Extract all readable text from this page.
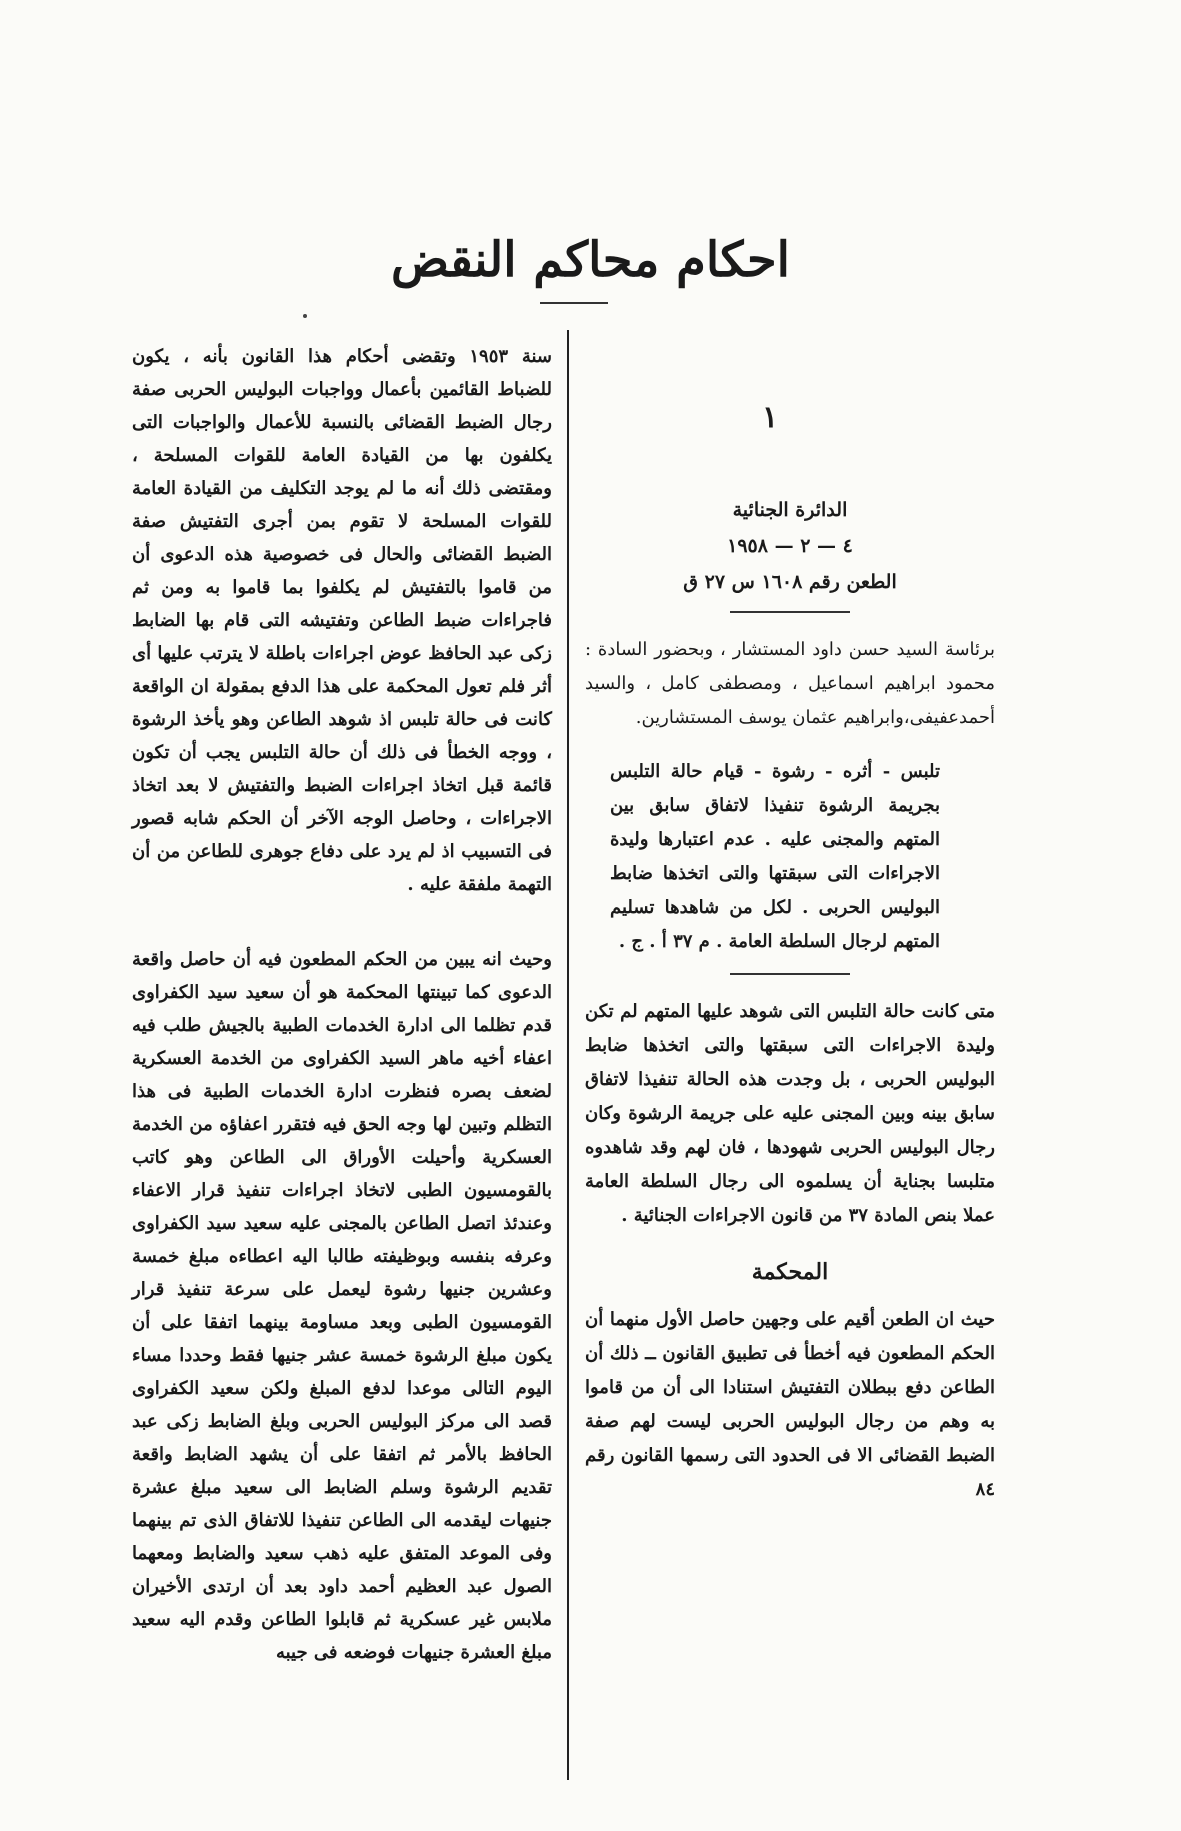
احكام محاكم النقض
١
الدائرة الجنائية
٤ — ٢ — ١٩٥٨
الطعن رقم ١٦٠٨ س ٢٧ ق
برئاسة السيد حسن داود المستشار ، وبحضور السادة : محمود ابراهيم اسماعيل ، ومصطفى كامل ، والسيد أحمدعفيفى،وابراهيم عثمان يوسف المستشارين.
تلبس - أثره - رشوة - قيام حالة التلبس بجريمة الرشوة تنفيذا لاتفاق سابق بين المتهم والمجنى عليه . عدم اعتبارها وليدة الاجراءات التى سبقتها والتى اتخذها ضابط البوليس الحربى . لكل من شاهدها تسليم المتهم لرجال السلطة العامة . م ٣٧ أ . ج .
متى كانت حالة التلبس التى شوهد عليها المتهم لم تكن وليدة الاجراءات التى سبقتها والتى اتخذها ضابط البوليس الحربى ، بل وجدت هذه الحالة تنفيذا لاتفاق سابق بينه وبين المجنى عليه على جريمة الرشوة وكان رجال البوليس الحربى شهودها ، فان لهم وقد شاهدوه متلبسا بجناية أن يسلموه الى رجال السلطة العامة عملا بنص المادة ٣٧ من قانون الاجراءات الجنائية .
المحكمة
حيث ان الطعن أقيم على وجهين حاصل الأول منهما أن الحكم المطعون فيه أخطأ فى تطبيق القانون ــ ذلك أن الطاعن دفع ببطلان التفتيش استنادا الى أن من قاموا به وهم من رجال البوليس الحربى ليست لهم صفة الضبط القضائى الا فى الحدود التى رسمها القانون رقم ٨٤
سنة ١٩٥٣ وتقضى أحكام هذا القانون بأنه ، يكون للضباط القائمين بأعمال وواجبات البوليس الحربى صفة رجال الضبط القضائى بالنسبة للأعمال والواجبات التى يكلفون بها من القيادة العامة للقوات المسلحة ، ومقتضى ذلك أنه ما لم يوجد التكليف من القيادة العامة للقوات المسلحة لا تقوم بمن أجرى التفتيش صفة الضبط القضائى والحال فى خصوصية هذه الدعوى أن من قاموا بالتفتيش لم يكلفوا بما قاموا به ومن ثم فاجراءات ضبط الطاعن وتفتيشه التى قام بها الضابط زكى عبد الحافظ عوض اجراءات باطلة لا يترتب عليها أى أثر فلم تعول المحكمة على هذا الدفع بمقولة ان الواقعة كانت فى حالة تلبس اذ شوهد الطاعن وهو يأخذ الرشوة ، ووجه الخطأ فى ذلك أن حالة التلبس يجب أن تكون قائمة قبل اتخاذ اجراءات الضبط والتفتيش لا بعد اتخاذ الاجراءات ، وحاصل الوجه الآخر أن الحكم شابه قصور فى التسبيب اذ لم يرد على دفاع جوهرى للطاعن من أن التهمة ملفقة عليه .
وحيث انه يبين من الحكم المطعون فيه أن حاصل واقعة الدعوى كما تبينتها المحكمة هو أن سعيد سيد الكفراوى قدم تظلما الى ادارة الخدمات الطبية بالجيش طلب فيه اعفاء أخيه ماهر السيد الكفراوى من الخدمة العسكرية لضعف بصره فنظرت ادارة الخدمات الطبية فى هذا التظلم وتبين لها وجه الحق فيه فتقرر اعفاؤه من الخدمة العسكرية وأحيلت الأوراق الى الطاعن وهو كاتب بالقومسيون الطبى لاتخاذ اجراءات تنفيذ قرار الاعفاء وعندئذ اتصل الطاعن بالمجنى عليه سعيد سيد الكفراوى وعرفه بنفسه وبوظيفته طالبا اليه اعطاءه مبلغ خمسة وعشرين جنيها رشوة ليعمل على سرعة تنفيذ قرار القومسيون الطبى وبعد مساومة بينهما اتفقا على أن يكون مبلغ الرشوة خمسة عشر جنيها فقط وحددا مساء اليوم التالى موعدا لدفع المبلغ ولكن سعيد الكفراوى قصد الى مركز البوليس الحربى وبلغ الضابط زكى عبد الحافظ بالأمر ثم اتفقا على أن يشهد الضابط واقعة تقديم الرشوة وسلم الضابط الى سعيد مبلغ عشرة جنيهات ليقدمه الى الطاعن تنفيذا للاتفاق الذى تم بينهما وفى الموعد المتفق عليه ذهب سعيد والضابط ومعهما الصول عبد العظيم أحمد داود بعد أن ارتدى الأخيران ملابس غير عسكرية ثم قابلوا الطاعن وقدم اليه سعيد مبلغ العشرة جنيهات فوضعه فى جيبه
